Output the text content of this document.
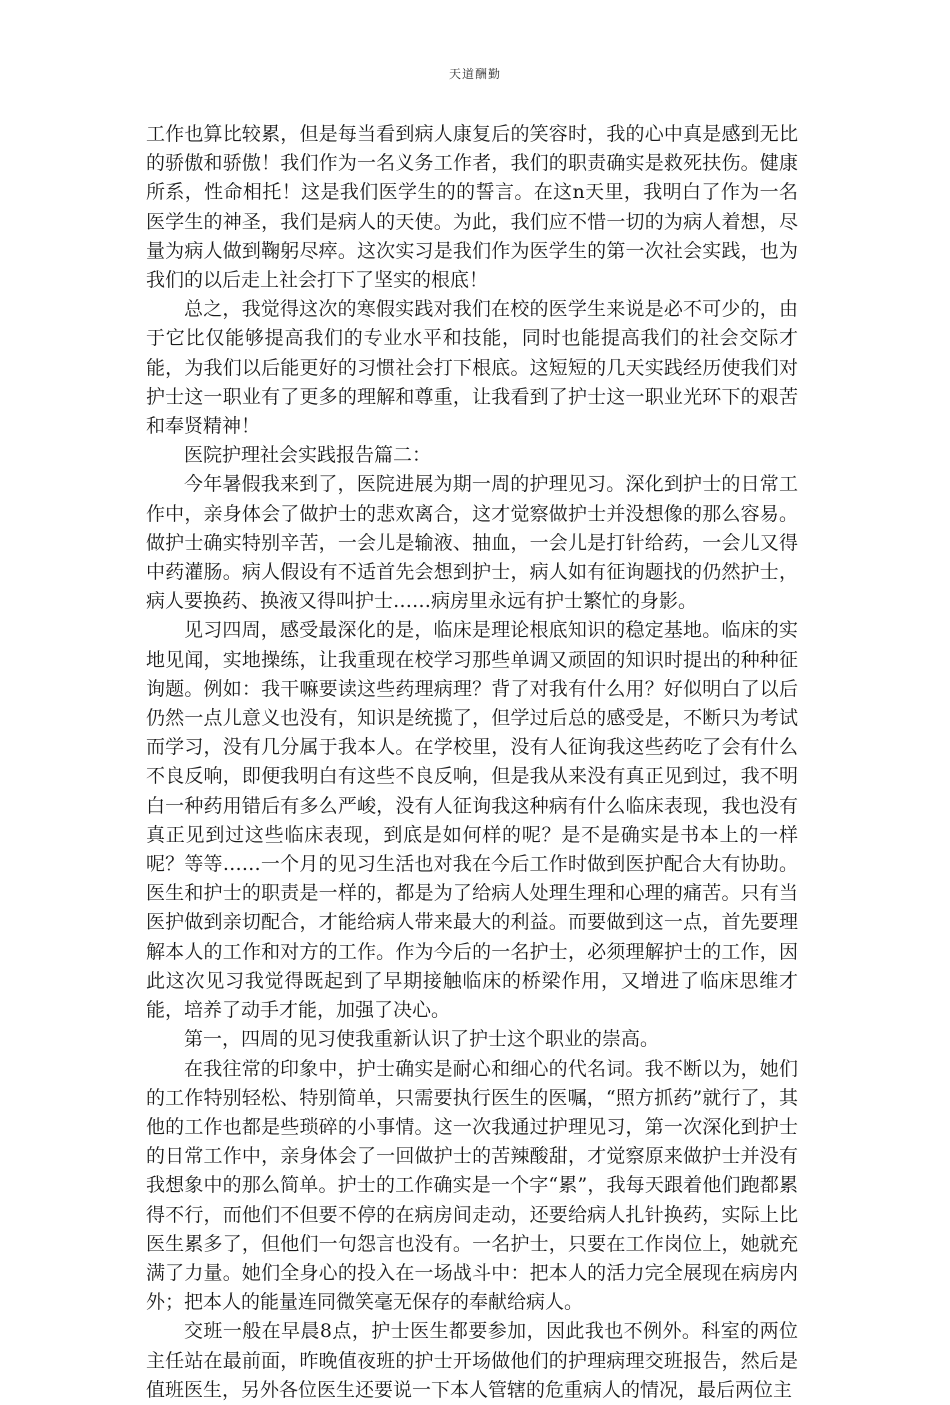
天道酬勤

工作也算比较累，但是每当看到病人康复后的笑容时，我的心中真是感到无比的骄傲和骄傲！我们作为一名义务工作者，我们的职责确实是救死扶伤。健康所系，性命相托！这是我们医学生的的誓言。在这n天里，我明白了作为一名医学生的神圣，我们是病人的天使。为此，我们应不惜一切的为病人着想，尽量为病人做到鞠躬尽瘁。这次实习是我们作为医学生的第一次社会实践，也为我们的以后走上社会打下了坚实的根底！

总之，我觉得这次的寒假实践对我们在校的医学生来说是必不可少的，由于它比仅能够提高我们的专业水平和技能，同时也能提高我们的社会交际才能，为我们以后能更好的习惯社会打下根底。这短短的几天实践经历使我们对护士这一职业有了更多的理解和尊重，让我看到了护士这一职业光环下的艰苦和奉贤精神！

医院护理社会实践报告篇二：

今年暑假我来到了，医院进展为期一周的护理见习。深化到护士的日常工作中，亲身体会了做护士的悲欢离合，这才觉察做护士并没想像的那么容易。做护士确实特别辛苦，一会儿是输液、抽血，一会儿是打针给药，一会儿又得中药灌肠。病人假设有不适首先会想到护士，病人如有征询题找的仍然护士，病人要换药、换液又得叫护士……病房里永远有护士繁忙的身影。

见习四周，感受最深化的是，临床是理论根底知识的稳定基地。临床的实地见闻，实地操练，让我重现在校学习那些单调又顽固的知识时提出的种种征询题。例如：我干嘛要读这些药理病理？背了对我有什么用？好似明白了以后仍然一点儿意义也没有，知识是统揽了，但学过后总的感受是，不断只为考试而学习，没有几分属于我本人。在学校里，没有人征询我这些药吃了会有什么不良反响，即便我明白有这些不良反响，但是我从来没有真正见到过，我不明白一种药用错后有多么严峻，没有人征询我这种病有什么临床表现，我也没有真正见到过这些临床表现，到底是如何样的呢？是不是确实是书本上的一样呢？等等……一个月的见习生活也对我在今后工作时做到医护配合大有协助。医生和护士的职责是一样的，都是为了给病人处理生理和心理的痛苦。只有当医护做到亲切配合，才能给病人带来最大的利益。而要做到这一点，首先要理解本人的工作和对方的工作。作为今后的一名护士，必须理解护士的工作，因此这次见习我觉得既起到了早期接触临床的桥梁作用，又增进了临床思维才能，培养了动手才能，加强了决心。

第一，四周的见习使我重新认识了护士这个职业的崇高。

在我往常的印象中，护士确实是耐心和细心的代名词。我不断以为，她们的工作特别轻松、特别简单，只需要执行医生的医嘱，“照方抓药”就行了，其他的工作也都是些琐碎的小事情。这一次我通过护理见习，第一次深化到护士的日常工作中，亲身体会了一回做护士的苦辣酸甜，才觉察原来做护士并没有我想象中的那么简单。护士的工作确实是一个字“累”，我每天跟着他们跑都累得不行，而他们不但要不停的在病房间走动，还要给病人扎针换药，实际上比医生累多了，但他们一句怨言也没有。一名护士，只要在工作岗位上，她就充满了力量。她们全身心的投入在一场战斗中：把本人的活力完全展现在病房内外；把本人的能量连同微笑毫无保存的奉献给病人。

交班一般在早晨8点，护士医生都要参加，因此我也不例外。科室的两位主任站在最前面，昨晚值夜班的护士开场做他们的护理病理交班报告，然后是值班医生，另外各位医生还要说一下本人管辖的危重病人的情况，最后两位主
